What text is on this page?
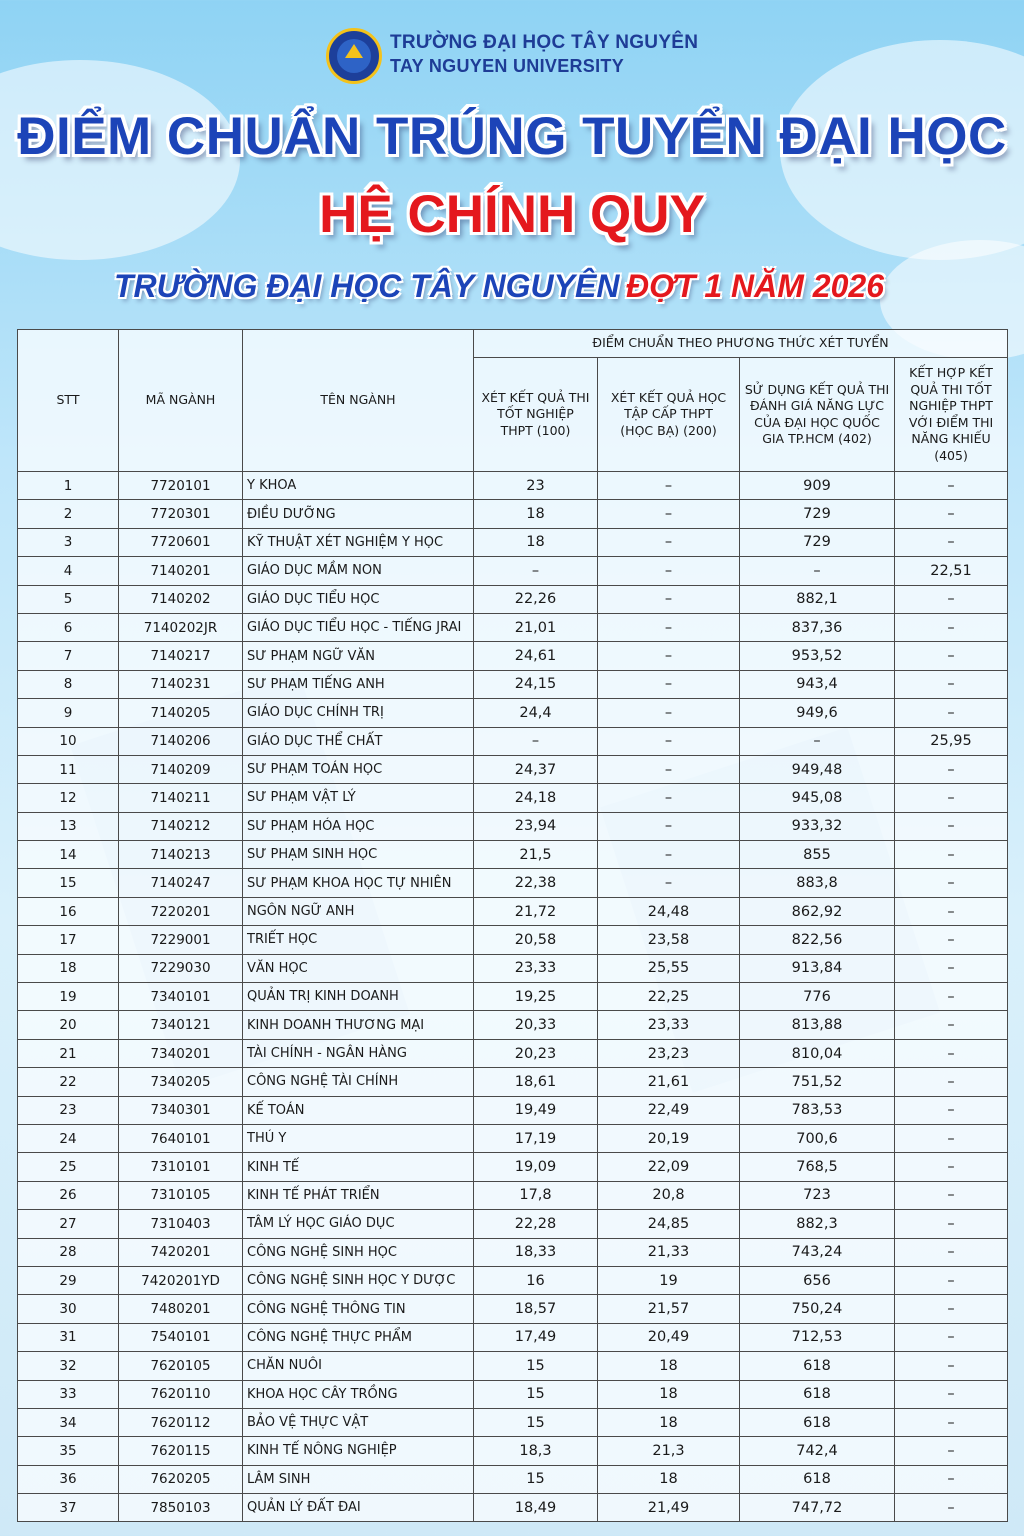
TRƯỜNG ĐẠI HỌC TÂY NGUYÊN
TAY NGUYEN UNIVERSITY
ĐIỂM CHUẨN TRÚNG TUYỂN ĐẠI HỌC
HỆ CHÍNH QUY
TRƯỜNG ĐẠI HỌC TÂY NGUYÊN ĐỢT 1 NĂM 2026
STT	MÃ NGÀNH	TÊN NGÀNH	ĐIỂM CHUẨN THEO PHƯƠNG THỨC XÉT TUYỂN			
			XÉT KẾT QUẢ THI TỐT NGHIỆP THPT (100)	XÉT KẾT QUẢ HỌC TẬP CẤP THPT (HỌC BẠ) (200)	SỬ DỤNG KẾT QUẢ THI ĐÁNH GIÁ NĂNG LỰC CỦA ĐẠI HỌC QUỐC GIA TP.HCM (402)	KẾT HỢP KẾT QUẢ THI TỐT NGHIỆP THPT VỚI ĐIỂM THI NĂNG KHIẾU (405)
1	7720101	Y KHOA	23	–	909	–
2	7720301	ĐIỀU DƯỠNG	18	–	729	–
3	7720601	KỸ THUẬT XÉT NGHIỆM Y HỌC	18	–	729	–
4	7140201	GIÁO DỤC MẦM NON	–	–	–	22,51
5	7140202	GIÁO DỤC TIỂU HỌC	22,26	–	882,1	–
6	7140202JR	GIÁO DỤC TIỂU HỌC - TIẾNG JRAI	21,01	–	837,36	–
7	7140217	SƯ PHẠM NGỮ VĂN	24,61	–	953,52	–
8	7140231	SƯ PHẠM TIẾNG ANH	24,15	–	943,4	–
9	7140205	GIÁO DỤC CHÍNH TRỊ	24,4	–	949,6	–
10	7140206	GIÁO DỤC THỂ CHẤT	–	–	–	25,95
11	7140209	SƯ PHẠM TOÁN HỌC	24,37	–	949,48	–
12	7140211	SƯ PHẠM VẬT LÝ	24,18	–	945,08	–
13	7140212	SƯ PHẠM HÓA HỌC	23,94	–	933,32	–
14	7140213	SƯ PHẠM SINH HỌC	21,5	–	855	–
15	7140247	SƯ PHẠM KHOA HỌC TỰ NHIÊN	22,38	–	883,8	–
16	7220201	NGÔN NGỮ ANH	21,72	24,48	862,92	–
17	7229001	TRIẾT HỌC	20,58	23,58	822,56	–
18	7229030	VĂN HỌC	23,33	25,55	913,84	–
19	7340101	QUẢN TRỊ KINH DOANH	19,25	22,25	776	–
20	7340121	KINH DOANH THƯƠNG MẠI	20,33	23,33	813,88	–
21	7340201	TÀI CHÍNH - NGÂN HÀNG	20,23	23,23	810,04	–
22	7340205	CÔNG NGHỆ TÀI CHÍNH	18,61	21,61	751,52	–
23	7340301	KẾ TOÁN	19,49	22,49	783,53	–
24	7640101	THÚ Y	17,19	20,19	700,6	–
25	7310101	KINH TẾ	19,09	22,09	768,5	–
26	7310105	KINH TẾ PHÁT TRIỂN	17,8	20,8	723	–
27	7310403	TÂM LÝ HỌC GIÁO DỤC	22,28	24,85	882,3	–
28	7420201	CÔNG NGHỆ SINH HỌC	18,33	21,33	743,24	–
29	7420201YD	CÔNG NGHỆ SINH HỌC Y DƯỢC	16	19	656	–
30	7480201	CÔNG NGHỆ THÔNG TIN	18,57	21,57	750,24	–
31	7540101	CÔNG NGHỆ THỰC PHẨM	17,49	20,49	712,53	–
32	7620105	CHĂN NUÔI	15	18	618	–
33	7620110	KHOA HỌC CÂY TRỒNG	15	18	618	–
34	7620112	BẢO VỆ THỰC VẬT	15	18	618	–
35	7620115	KINH TẾ NÔNG NGHIỆP	18,3	21,3	742,4	–
36	7620205	LÂM SINH	15	18	618	–
37	7850103	QUẢN LÝ ĐẤT ĐAI	18,49	21,49	747,72	–
